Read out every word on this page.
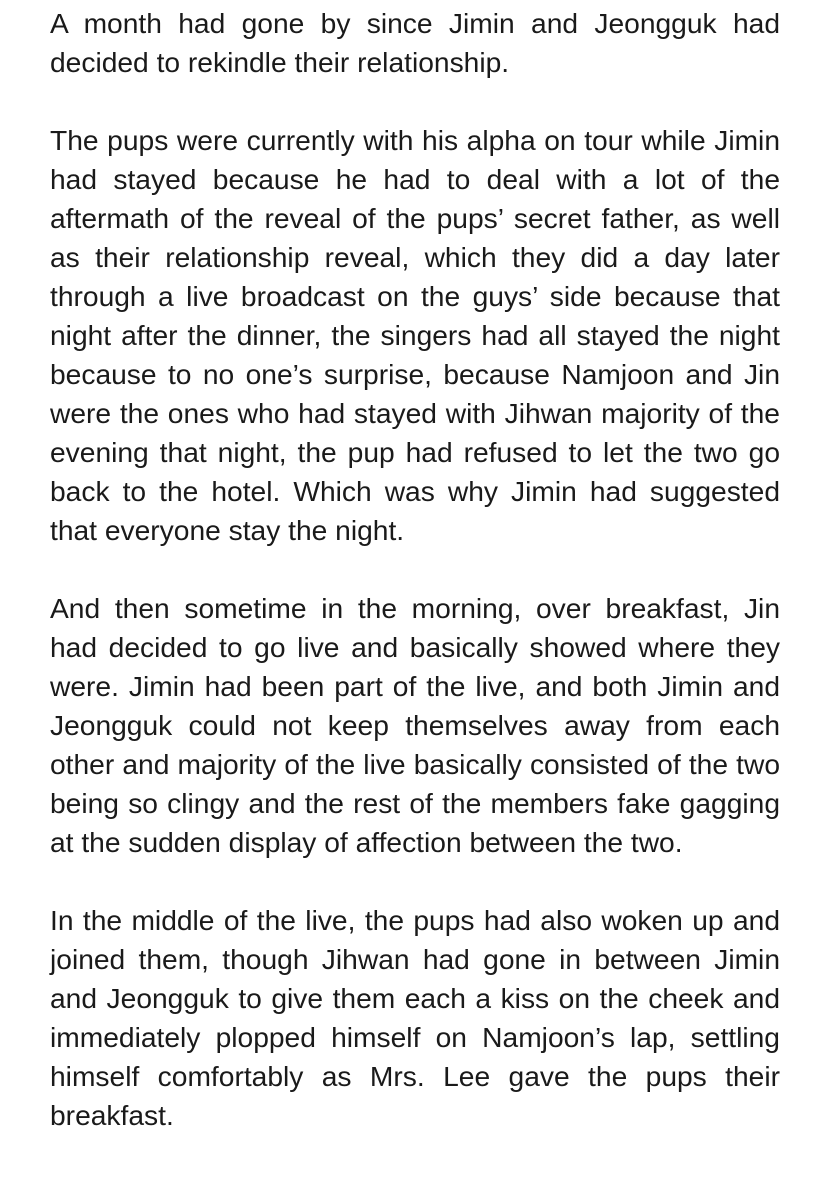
A month had gone by since Jimin and Jeongguk had decided to rekindle their relationship.

The pups were currently with his alpha on tour while Jimin had stayed because he had to deal with a lot of the aftermath of the reveal of the pups’ secret father, as well as their relationship reveal, which they did a day later through a live broadcast on the guys’ side because that night after the dinner, the singers had all stayed the night because to no one’s surprise, because Namjoon and Jin were the ones who had stayed with Jihwan majority of the evening that night, the pup had refused to let the two go back to the hotel. Which was why Jimin had suggested that everyone stay the night.

And then sometime in the morning, over breakfast, Jin had decided to go live and basically showed where they were. Jimin had been part of the live, and both Jimin and Jeongguk could not keep themselves away from each other and majority of the live basically consisted of the two being so clingy and the rest of the members fake gagging at the sudden display of affection between the two.

In the middle of the live, the pups had also woken up and joined them, though Jihwan had gone in between Jimin and Jeongguk to give them each a kiss on the cheek and immediately plopped himself on Namjoon’s lap, settling himself comfortably as Mrs. Lee gave the pups their breakfast.
